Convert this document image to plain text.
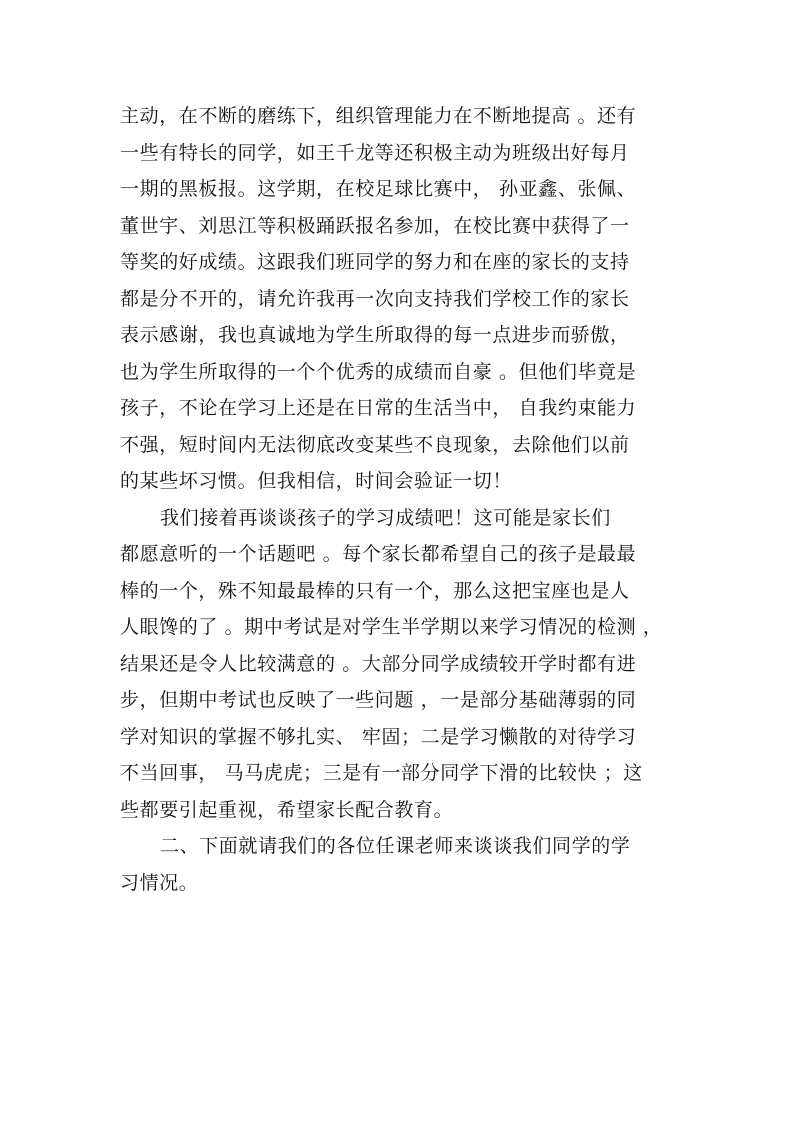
主动，在不断的磨练下，组织管理能力在不断地提高 。还有
一些有特长的同学，如王千龙等还积极主动为班级出好每月
一期的黑板报。这学期，在校足球比赛中， 孙亚鑫、张佩、
董世宇、刘思江等积极踊跃报名参加，在校比赛中获得了一
等奖的好成绩。这跟我们班同学的努力和在座的家长的支持
都是分不开的，请允许我再一次向支持我们学校工作的家长
表示感谢，我也真诚地为学生所取得的每一点进步而骄傲，
也为学生所取得的一个个优秀的成绩而自豪 。但他们毕竟是
孩子，不论在学习上还是在日常的生活当中， 自我约束能力
不强，短时间内无法彻底改变某些不良现象，去除他们以前
的某些坏习惯。但我相信，时间会验证一切！
我们接着再谈谈孩子的学习成绩吧！这可能是家长们
都愿意听的一个话题吧 。每个家长都希望自己的孩子是最最
棒的一个，殊不知最最棒的只有一个，那么这把宝座也是人
人眼馋的了 。期中考试是对学生半学期以来学习情况的检测 ，
结果还是令人比较满意的 。大部分同学成绩较开学时都有进
步，但期中考试也反映了一些问题 ，一是部分基础薄弱的同
学对知识的掌握不够扎实、 牢固；二是学习懒散的对待学习
不当回事， 马马虎虎；三是有一部分同学下滑的比较快 ；这
些都要引起重视，希望家长配合教育。
二、下面就请我们的各位任课老师来谈谈我们同学的学
习情况。
